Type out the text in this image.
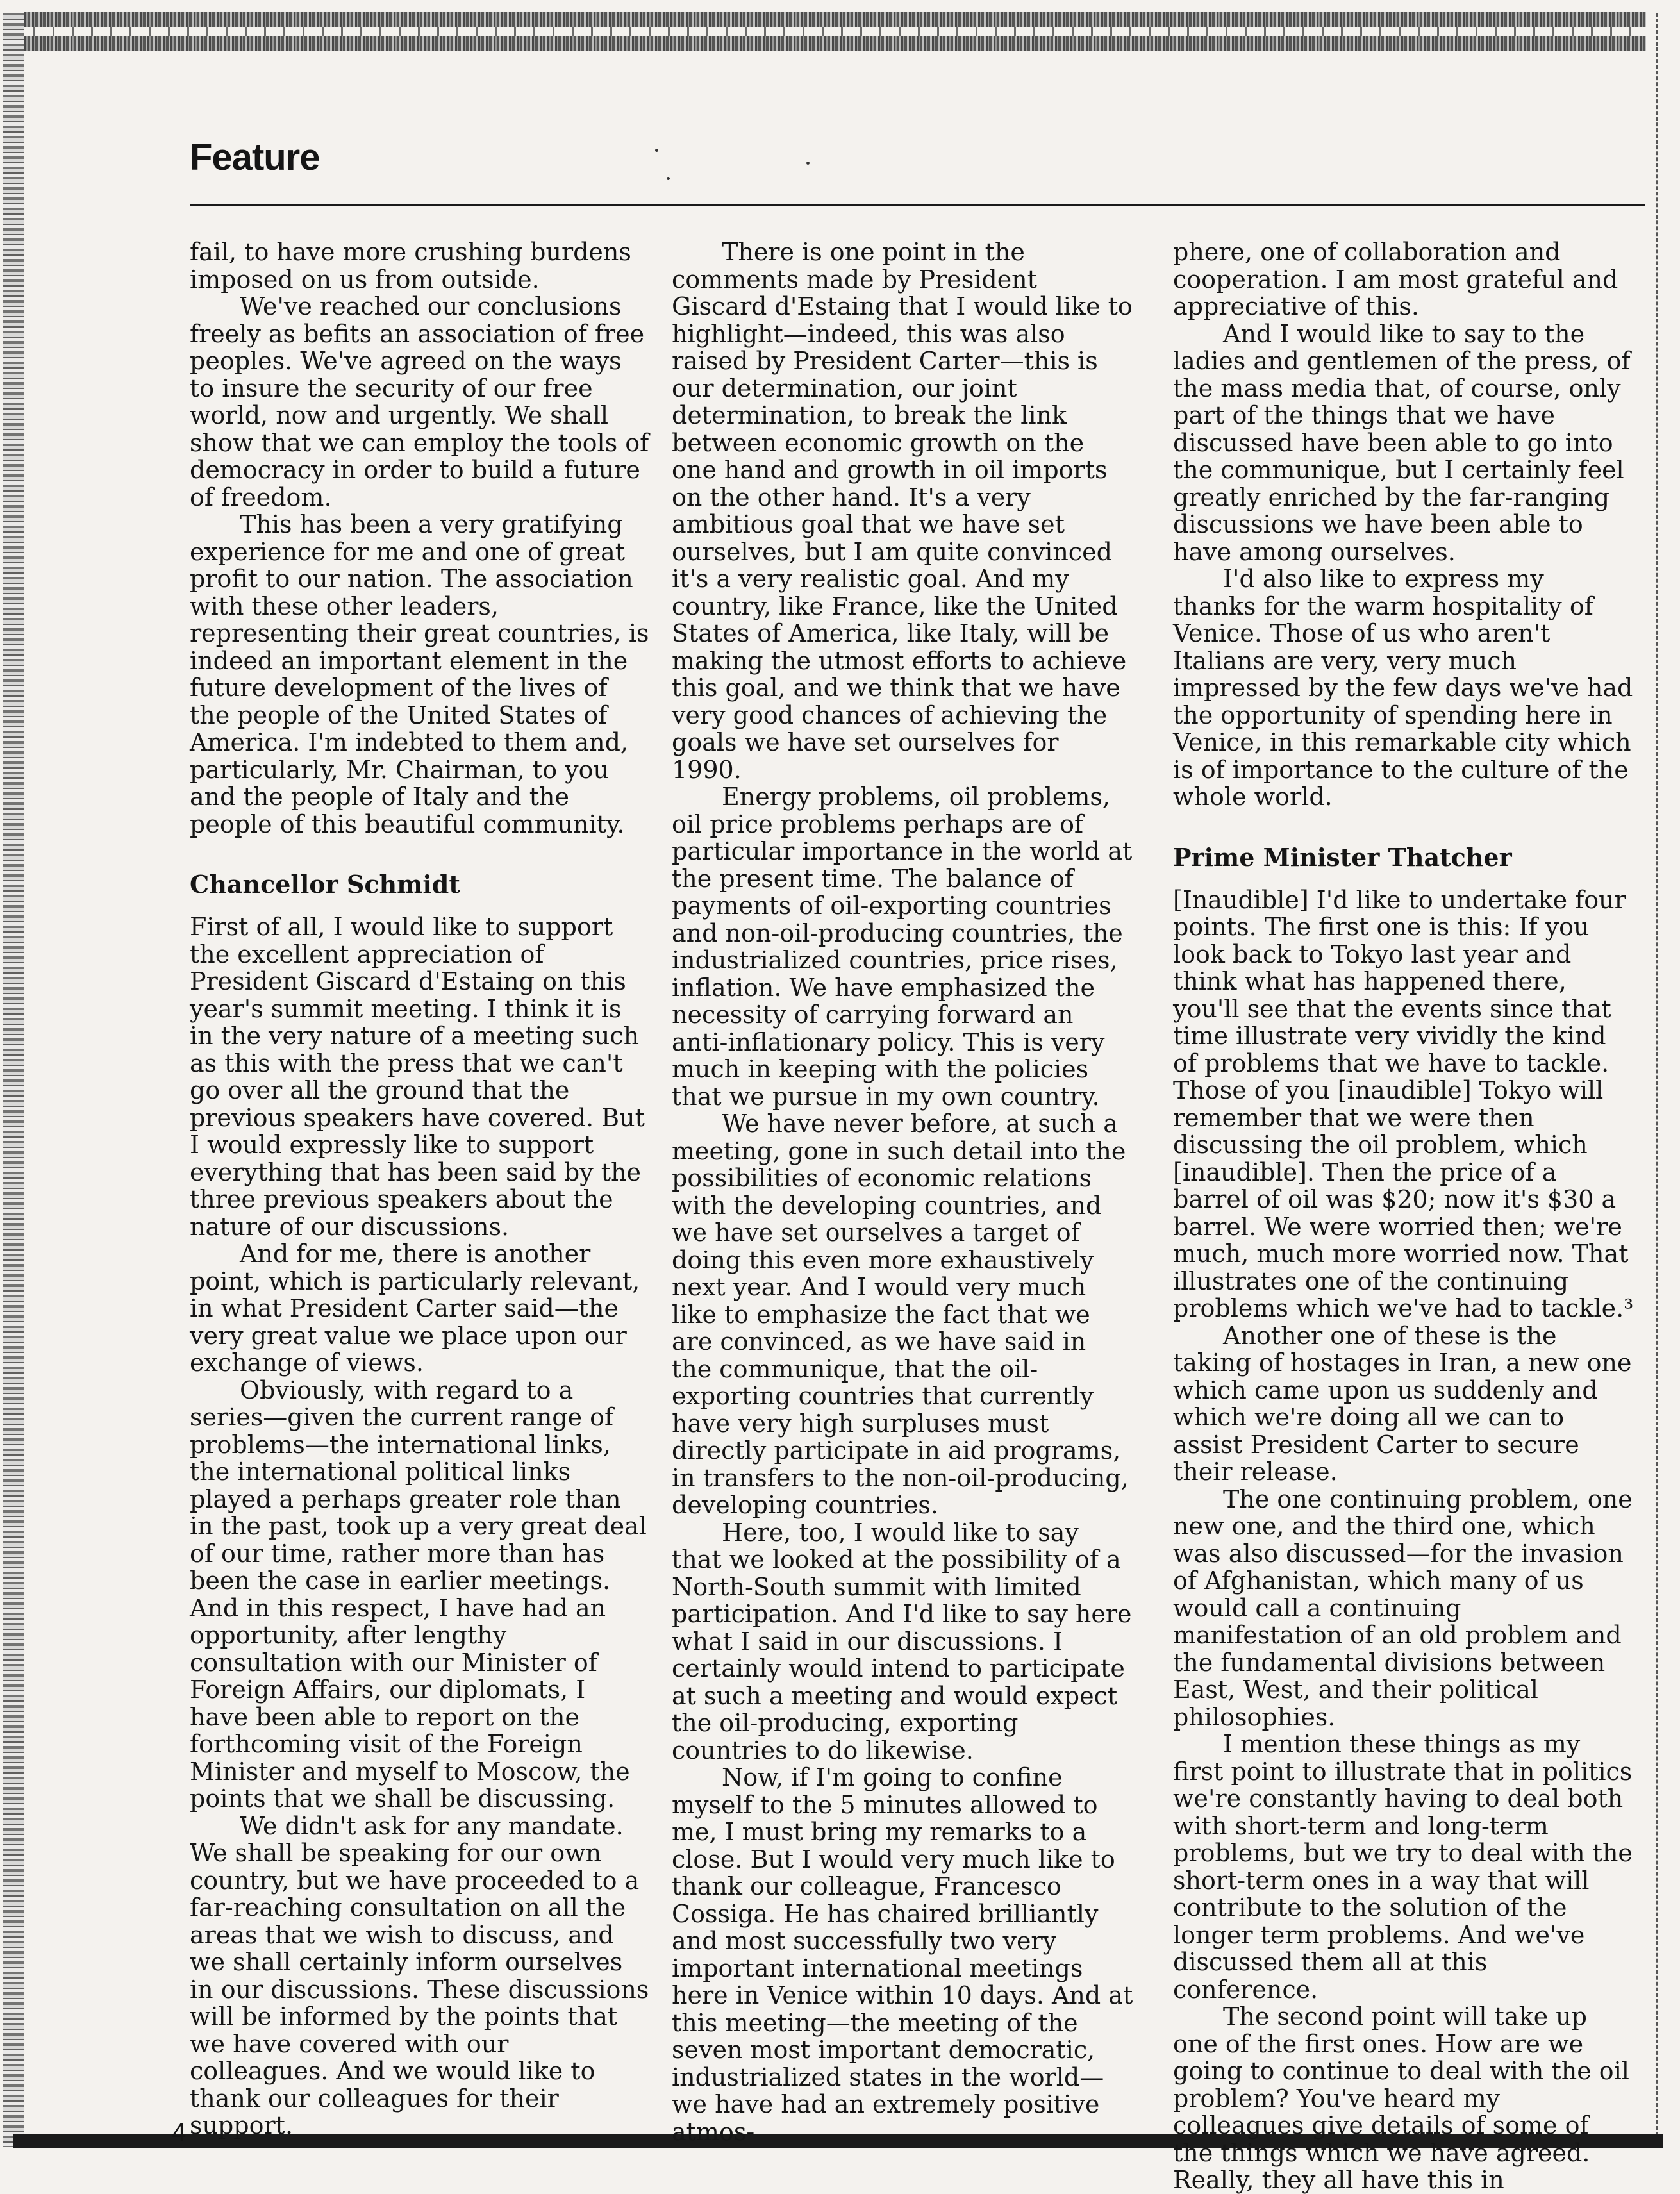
Feature

fail, to have more crushing burdens imposed on us from outside.

We've reached our conclusions freely as befits an association of free peoples. We've agreed on the ways to insure the security of our free world, now and urgently. We shall show that we can employ the tools of democracy in order to build a future of freedom.

This has been a very gratifying experience for me and one of great profit to our nation. The association with these other leaders, representing their great countries, is indeed an important element in the future development of the lives of the people of the United States of America. I'm indebted to them and, particularly, Mr. Chairman, to you and the people of Italy and the people of this beautiful community.

Chancellor Schmidt

First of all, I would like to support the excellent appreciation of President Giscard d'Estaing on this year's summit meeting. I think it is in the very nature of a meeting such as this with the press that we can't go over all the ground that the previous speakers have covered. But I would expressly like to support everything that has been said by the three previous speakers about the nature of our discussions.

And for me, there is another point, which is particularly relevant, in what President Carter said—the very great value we place upon our exchange of views.

Obviously, with regard to a series—given the current range of problems—the international links, the international political links played a perhaps greater role than in the past, took up a very great deal of our time, rather more than has been the case in earlier meetings. And in this respect, I have had an opportunity, after lengthy consultation with our Minister of Foreign Affairs, our diplomats, I have been able to report on the forthcoming visit of the Foreign Minister and myself to Moscow, the points that we shall be discussing.

We didn't ask for any mandate. We shall be speaking for our own country, but we have proceeded to a far-reaching consultation on all the areas that we wish to discuss, and we shall certainly inform ourselves in our discussions. These discussions will be informed by the points that we have covered with our colleagues. And we would like to thank our colleagues for their support.

There is one point in the comments made by President Giscard d'Estaing that I would like to highlight—indeed, this was also raised by President Carter—this is our determination, our joint determination, to break the link between economic growth on the one hand and growth in oil imports on the other hand. It's a very ambitious goal that we have set ourselves, but I am quite convinced it's a very realistic goal. And my country, like France, like the United States of America, like Italy, will be making the utmost efforts to achieve this goal, and we think that we have very good chances of achieving the goals we have set ourselves for 1990.

Energy problems, oil problems, oil price problems perhaps are of particular importance in the world at the present time. The balance of payments of oil-exporting countries and non-oil-producing countries, the industrialized countries, price rises, inflation. We have emphasized the necessity of carrying forward an anti-inflationary policy. This is very much in keeping with the policies that we pursue in my own country.

We have never before, at such a meeting, gone in such detail into the possibilities of economic relations with the developing countries, and we have set ourselves a target of doing this even more exhaustively next year. And I would very much like to emphasize the fact that we are convinced, as we have said in the communique, that the oil-exporting countries that currently have very high surpluses must directly participate in aid programs, in transfers to the non-oil-producing, developing countries.

Here, too, I would like to say that we looked at the possibility of a North-South summit with limited participation. And I'd like to say here what I said in our discussions. I certainly would intend to participate at such a meeting and would expect the oil-producing, exporting countries to do likewise.

Now, if I'm going to confine myself to the 5 minutes allowed to me, I must bring my remarks to a close. But I would very much like to thank our colleague, Francesco Cossiga. He has chaired brilliantly and most successfully two very important international meetings here in Venice within 10 days. And at this meeting—the meeting of the seven most important democratic, industrialized states in the world—we have had an extremely positive atmos-

phere, one of collaboration and cooperation. I am most grateful and appreciative of this.

And I would like to say to the ladies and gentlemen of the press, of the mass media that, of course, only part of the things that we have discussed have been able to go into the communique, but I certainly feel greatly enriched by the far-ranging discussions we have been able to have among ourselves.

I'd also like to express my thanks for the warm hospitality of Venice. Those of us who aren't Italians are very, very much impressed by the few days we've had the opportunity of spending here in Venice, in this remarkable city which is of importance to the culture of the whole world.

Prime Minister Thatcher

[Inaudible] I'd like to undertake four points. The first one is this: If you look back to Tokyo last year and think what has happened there, you'll see that the events since that time illustrate very vividly the kind of problems that we have to tackle. Those of you [inaudible] Tokyo will remember that we were then discussing the oil problem, which [inaudible]. Then the price of a barrel of oil was $20; now it's $30 a barrel. We were worried then; we're much, much more worried now. That illustrates one of the continuing problems which we've had to tackle.³

Another one of these is the taking of hostages in Iran, a new one which came upon us suddenly and which we're doing all we can to assist President Carter to secure their release.

The one continuing problem, one new one, and the third one, which was also discussed—for the invasion of Afghanistan, which many of us would call a continuing manifestation of an old problem and the fundamental divisions between East, West, and their political philosophies.

I mention these things as my first point to illustrate that in politics we're constantly having to deal both with short-term and long-term problems, but we try to deal with the short-term ones in a way that will contribute to the solution of the longer term problems. And we've discussed them all at this conference.

The second point will take up one of the first ones. How are we going to continue to deal with the oil problem? You've heard my colleagues give details of some of the things which we have agreed. Really, they all have this in

4
